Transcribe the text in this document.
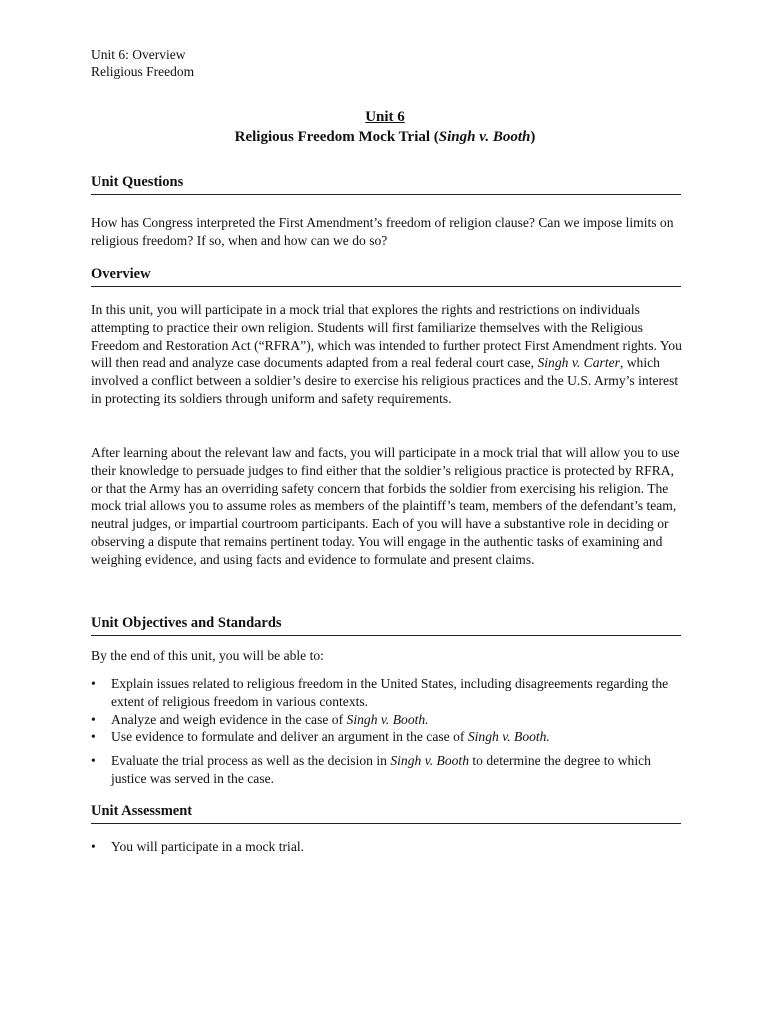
Unit 6: Overview
Religious Freedom
Unit 6
Religious Freedom Mock Trial (Singh v. Booth)
Unit Questions
How has Congress interpreted the First Amendment’s freedom of religion clause? Can we impose limits on religious freedom? If so, when and how can we do so?
Overview
In this unit, you will participate in a mock trial that explores the rights and restrictions on individuals attempting to practice their own religion. Students will first familiarize themselves with the Religious Freedom and Restoration Act (“RFRA”), which was intended to further protect First Amendment rights. You will then read and analyze case documents adapted from a real federal court case, Singh v. Carter, which involved a conflict between a soldier’s desire to exercise his religious practices and the U.S. Army’s interest in protecting its soldiers through uniform and safety requirements.
After learning about the relevant law and facts, you will participate in a mock trial that will allow you to use their knowledge to persuade judges to find either that the soldier’s religious practice is protected by RFRA, or that the Army has an overriding safety concern that forbids the soldier from exercising his religion. The mock trial allows you to assume roles as members of the plaintiff’s team, members of the defendant’s team, neutral judges, or impartial courtroom participants. Each of you will have a substantive role in deciding or observing a dispute that remains pertinent today. You will engage in the authentic tasks of examining and weighing evidence, and using facts and evidence to formulate and present claims.
Unit Objectives and Standards
By the end of this unit, you will be able to:
• Explain issues related to religious freedom in the United States, including disagreements regarding the extent of religious freedom in various contexts.
• Analyze and weigh evidence in the case of Singh v. Booth.
• Use evidence to formulate and deliver an argument in the case of Singh v. Booth.
• Evaluate the trial process as well as the decision in Singh v. Booth to determine the degree to which justice was served in the case.
Unit Assessment
• You will participate in a mock trial.
